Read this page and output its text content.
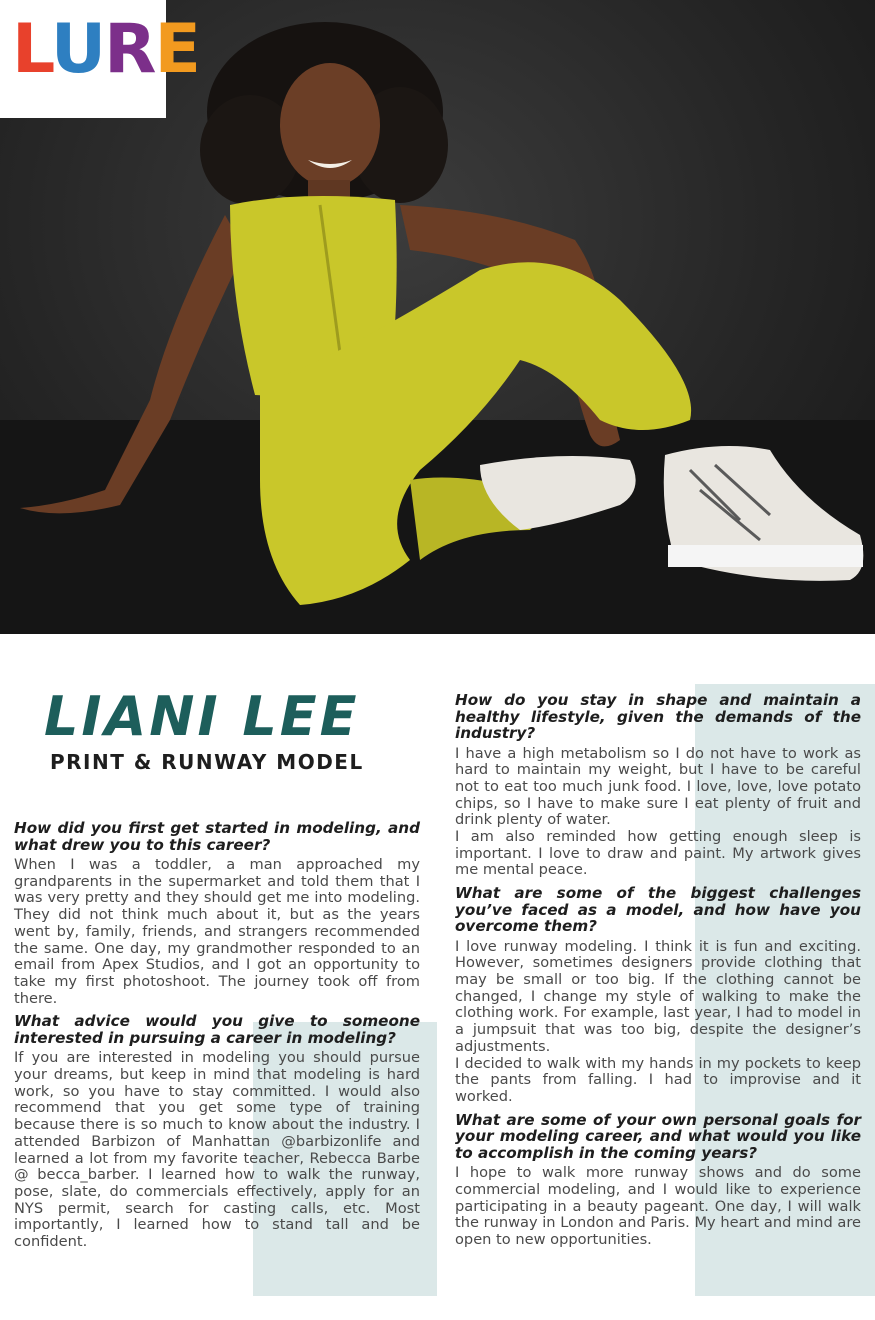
LURE
LIANI LEE
PRINT & RUNWAY MODEL

How did you first get started in modeling, and what drew you to this career?

When I was a toddler, a man approached my grandparents in the supermarket and told them that I was very pretty and they should get me into modeling. They did not think much about it, but as the years went by, family, friends, and strangers recommended the same. One day, my grandmother responded to an email from Apex Studios, and I got an opportunity to take my first photoshoot. The journey took off from there.

What advice would you give to someone interested in pursuing a career in modeling?

If you are interested in modeling you should pursue your dreams, but keep in mind that modeling is hard work, so you have to stay committed. I would also recommend that you get some type of training because there is so much to know about the industry. I attended Barbizon of Manhattan @barbizonlife and learned a lot from my favorite teacher, Rebecca Barbe @ becca_barber. I learned how to walk the runway, pose, slate, do commercials effectively, apply for an NYS permit, search for casting calls, etc. Most importantly, I learned how to stand tall and be confident.

How do you stay in shape and maintain a healthy lifestyle, given the demands of the industry?

I have a high metabolism so I do not have to work as hard to maintain my weight, but I have to be careful not to eat too much junk food. I love, love, love potato chips, so I have to make sure I eat plenty of fruit and drink plenty of water.

I am also reminded how getting enough sleep is important. I love to draw and paint. My artwork gives me mental peace.

What are some of the biggest challenges you’ve faced as a model, and how have you overcome them?

I love runway modeling. I think it is fun and exciting. However, sometimes designers provide clothing that may be small or too big. If the clothing cannot be changed, I change my style of walking to make the clothing work. For example, last year, I had to model in a jumpsuit that was too big, despite the designer’s adjustments.

I decided to walk with my hands in my pockets to keep the pants from falling. I had to improvise and it worked.

What are some of your own personal goals for your modeling career, and what would you like to accomplish in the coming years?

I hope to walk more runway shows and do some commercial modeling, and I would like to experience participating in a beauty pageant. One day, I will walk the runway in London and Paris. My heart and mind are open to new opportunities.
